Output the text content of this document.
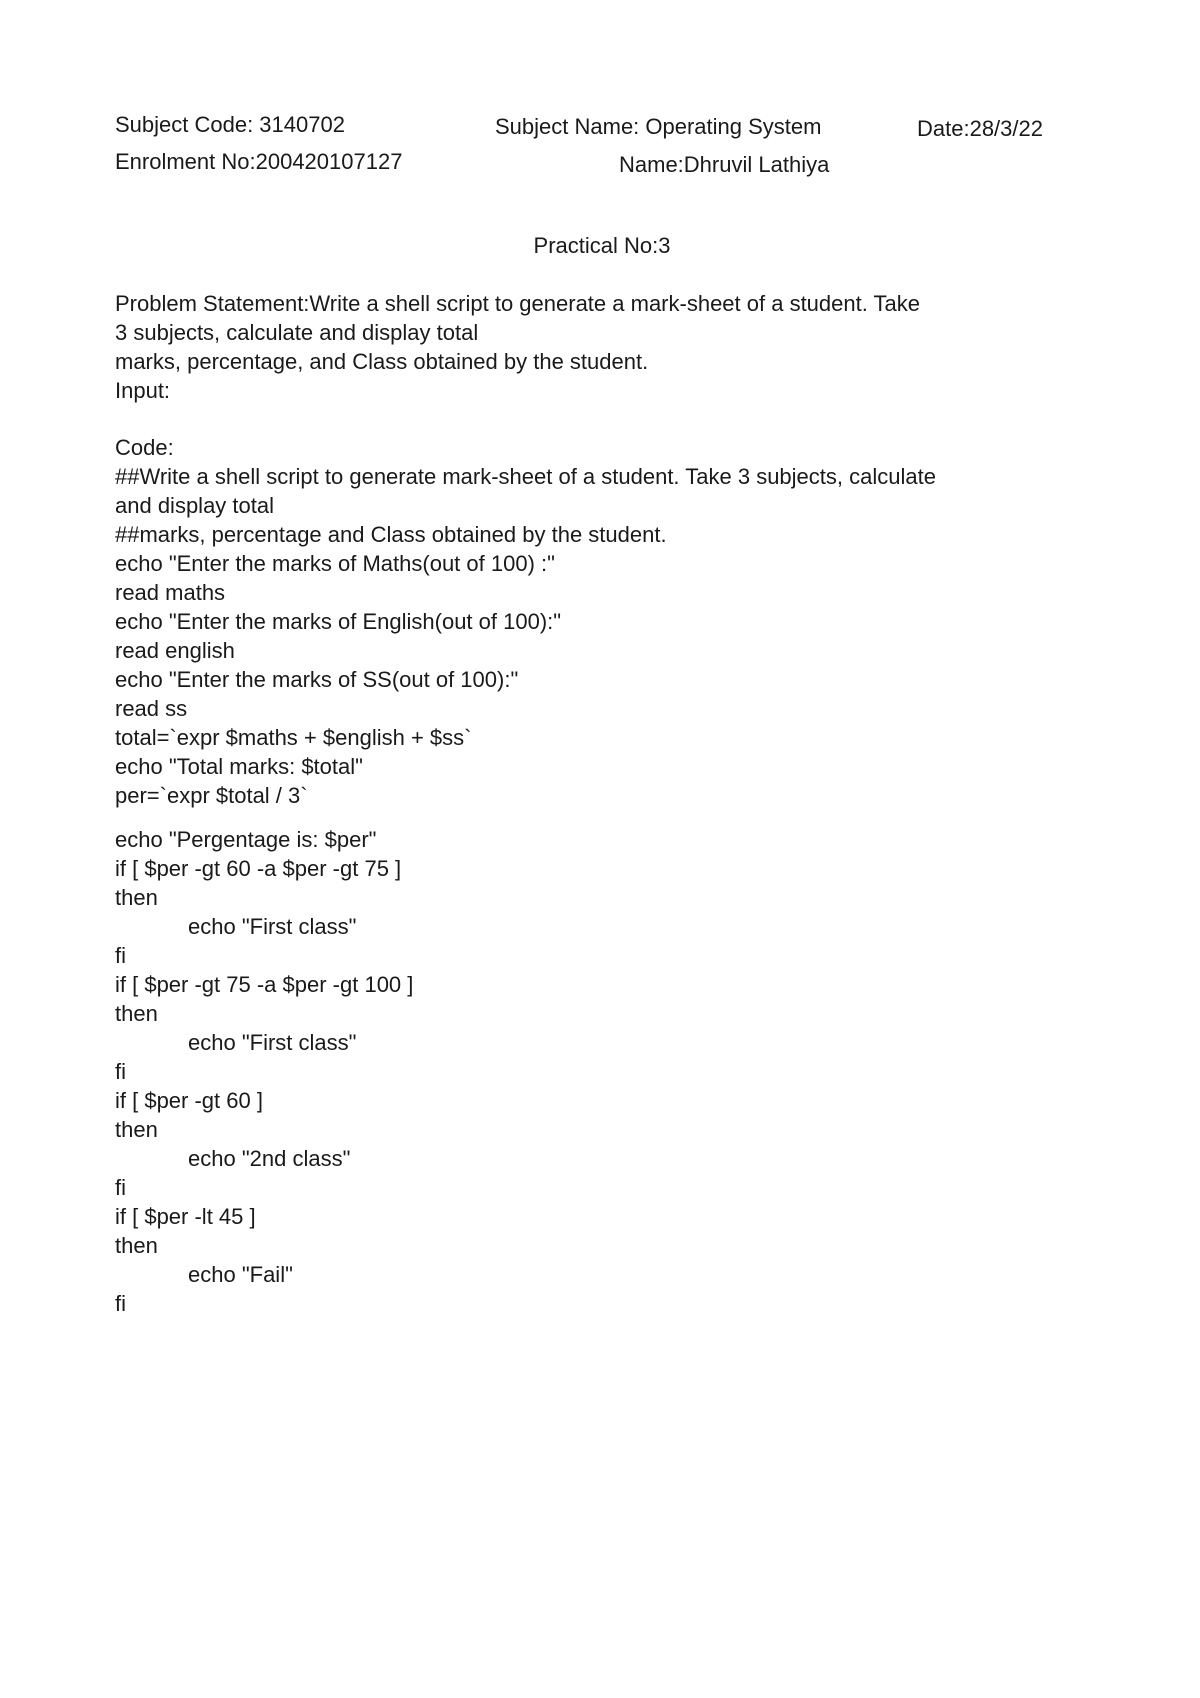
Subject Code: 3140702	Subject Name: Operating System	Date:28/3/22
Enrolment No:200420107127	Name:Dhruvil Lathiya
Practical No:3
Problem Statement:Write a shell script to generate a mark-sheet of a student. Take
3 subjects, calculate and display total
marks, percentage, and Class obtained by the student.
Input:
Code:
##Write a shell script to generate mark-sheet of a student. Take 3 subjects, calculate
and display total
##marks, percentage and Class obtained by the student.
echo "Enter the marks of Maths(out of 100) :"
read maths
echo "Enter the marks of English(out of 100):"
read english
echo "Enter the marks of SS(out of 100):"
read ss
total=`expr $maths + $english + $ss`
echo "Total marks: $total"
per=`expr $total / 3`
echo "Pergentage is: $per"
if [ $per -gt 60 -a $per -gt 75 ]
then
echo "First class"
fi
if [ $per -gt 75 -a $per -gt 100 ]
then
echo "First class"
fi
if [ $per -gt 60 ]
then
echo "2nd class"
fi
if [ $per -lt 45 ]
then
echo "Fail"
fi
